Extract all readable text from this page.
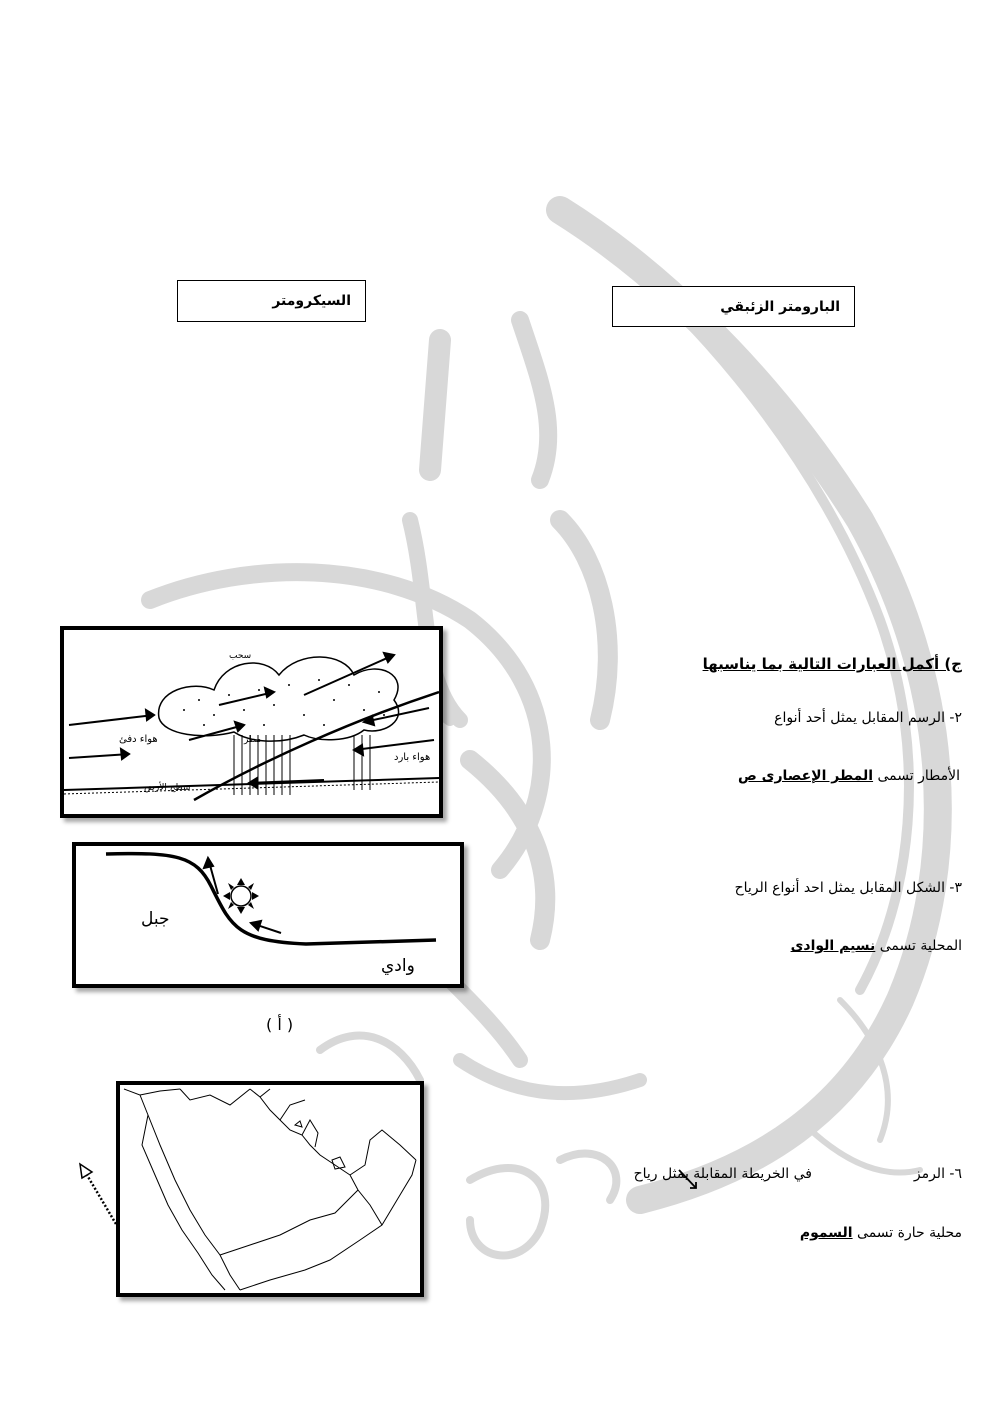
السيكرومتر	البارومتر الزئبقي
ج) أكمل العبارات التالية بما يناسبها
٢- الرسم المقابل يمثل أحد أنواع
الأمطار تسمى المطر الإعصارى ص
٣- الشكل المقابل يمثل احد أنواع الرياح
المحلية تسمى نسيم الوادى
٦- الرمز
في الخريطة المقابلة يمثل رياح
محلية حارة تسمى السموم
سحب
هواء دفئ	مطر
هواء بارد
سطح الأرض
جبل
وادي
( أ )
